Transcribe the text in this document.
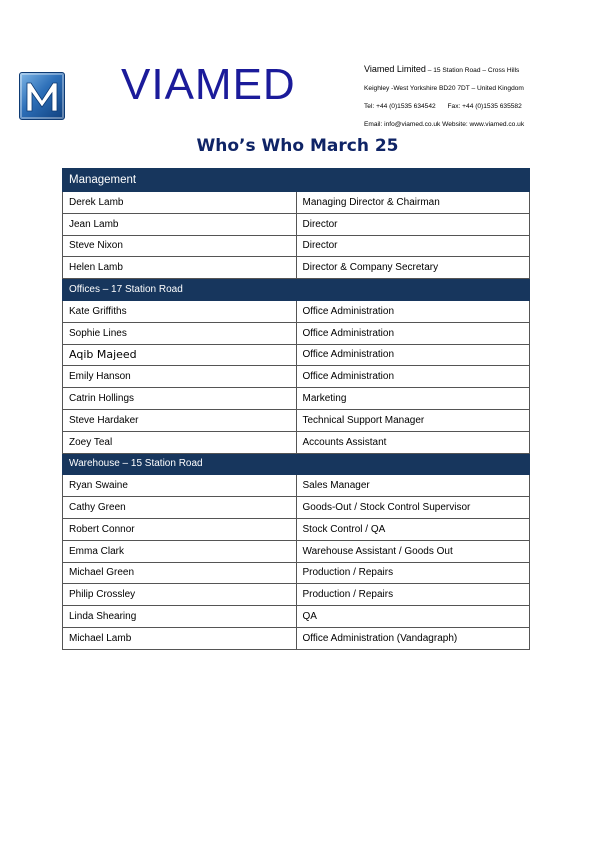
VIAMED	Viamed Limited – 15 Station Road – Cross Hills
Keighley -West Yorkshire BD20 7DT – United Kingdom
Tel: +44 (0)1535 634542 Fax: +44 (0)1535 635582
Email: info@viamed.co.uk Website: www.viamed.co.uk
Who’s Who March 25
Management	
Derek Lamb	Managing Director & Chairman
Jean Lamb	Director
Steve Nixon	Director
Helen Lamb	Director & Company Secretary
Offices – 17 Station Road	
Kate Griffiths	Office Administration
Sophie Lines	Office Administration
Aqib Majeed	Office Administration
Emily Hanson	Office Administration
Catrin Hollings	Marketing
Steve Hardaker	Technical Support Manager
Zoey Teal	Accounts Assistant
Warehouse – 15 Station Road	
Ryan Swaine	Sales Manager
Cathy Green	Goods-Out / Stock Control Supervisor
Robert Connor	Stock Control / QA
Emma Clark	Warehouse Assistant / Goods Out
Michael Green	Production / Repairs
Philip Crossley	Production / Repairs
Linda Shearing	QA
Michael Lamb	Office Administration (Vandagraph)
